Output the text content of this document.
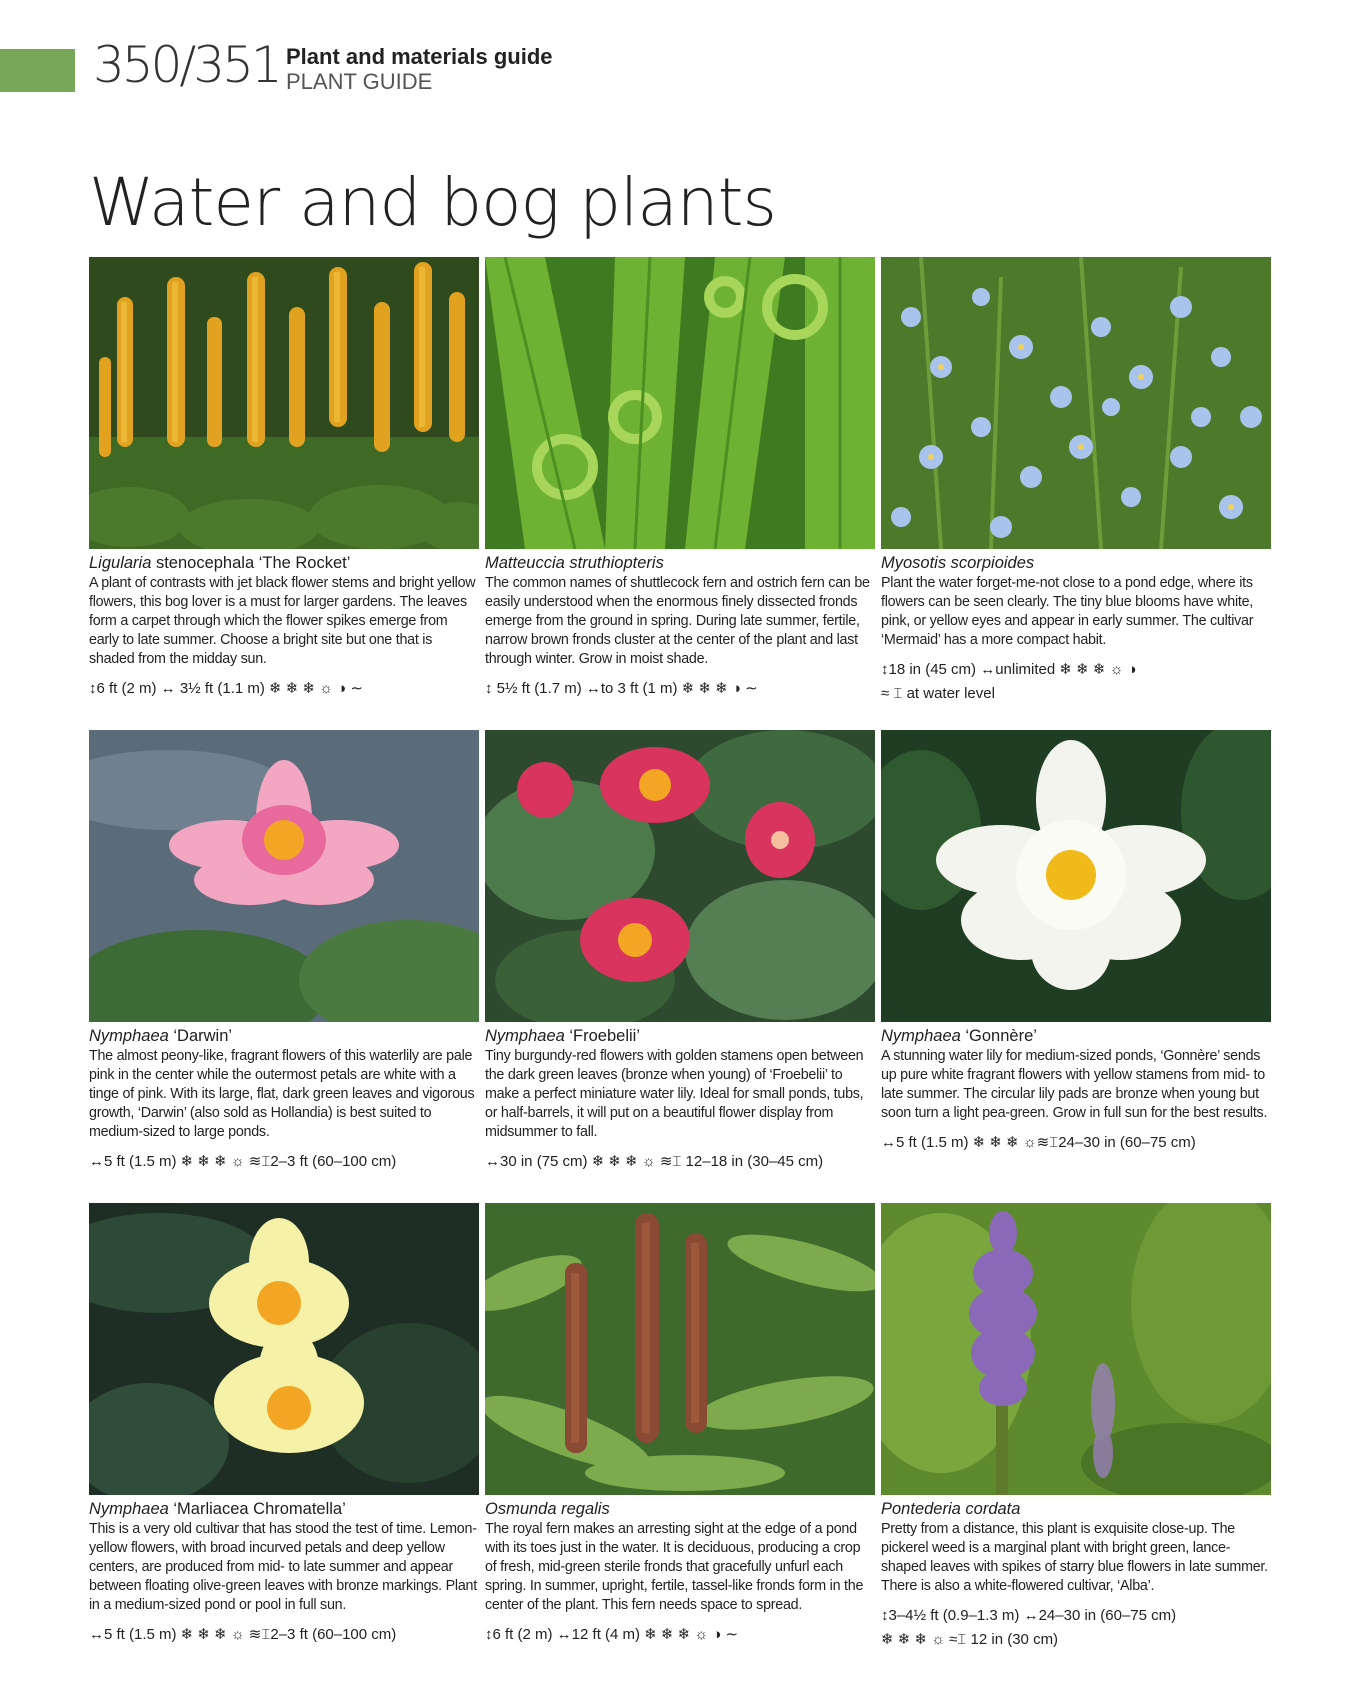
350/351 Plant and materials guide
PLANT GUIDE
Water and bog plants
Ligularia stenocephala ‘The Rocket’
A plant of contrasts with jet black flower stems and bright yellow flowers, this bog lover is a must for larger gardens. The leaves form a carpet through which the flower spikes emerge from early to late summer. Choose a bright site but one that is shaded from the midday sun.
↕6 ft (2 m) ↔ 3½ ft (1.1 m) ❄ ❄ ❄ ☼ ◑ ∼
Matteuccia struthiopteris
The common names of shuttlecock fern and ostrich fern can be easily understood when the enormous finely dissected fronds emerge from the ground in spring. During late summer, fertile, narrow brown fronds cluster at the center of the plant and last through winter. Grow in moist shade.
↕ 5½ ft (1.7 m) ↔to 3 ft (1 m) ❄ ❄ ❄ ◑ ∼
Myosotis scorpioides
Plant the water forget-me-not close to a pond edge, where its flowers can be seen clearly. The tiny blue blooms have white, pink, or yellow eyes and appear in early summer. The cultivar ‘Mermaid’ has a more compact habit.
↕18 in (45 cm) ↔unlimited ❄ ❄ ❄ ☼ ◑
≈ ⌶ at water level
Nymphaea ‘Darwin’
The almost peony-like, fragrant flowers of this waterlily are pale pink in the center while the outermost petals are white with a tinge of pink. With its large, flat, dark green leaves and vigorous growth, ‘Darwin’ (also sold as Hollandia) is best suited to medium-sized to large ponds.
↔5 ft (1.5 m) ❄ ❄ ❄ ☼ ≋⌶2–3 ft (60–100 cm)
Nymphaea ‘Froebelii’
Tiny burgundy-red flowers with golden stamens open between the dark green leaves (bronze when young) of ‘Froebelii’ to make a perfect miniature water lily. Ideal for small ponds, tubs, or half-barrels, it will put on a beautiful flower display from midsummer to fall.
↔30 in (75 cm) ❄ ❄ ❄ ☼ ≋⌶ 12–18 in (30–45 cm)
Nymphaea ‘Gonnère’
A stunning water lily for medium-sized ponds, ‘Gonnère’ sends up pure white fragrant flowers with yellow stamens from mid- to late summer. The circular lily pads are bronze when young but soon turn a light pea-green. Grow in full sun for the best results.
↔5 ft (1.5 m) ❄ ❄ ❄ ☼≋⌶24–30 in (60–75 cm)
Nymphaea ‘Marliacea Chromatella’
This is a very old cultivar that has stood the test of time. Lemon-yellow flowers, with broad incurved petals and deep yellow centers, are produced from mid- to late summer and appear between floating olive-green leaves with bronze markings. Plant in a medium-sized pond or pool in full sun.
↔5 ft (1.5 m) ❄ ❄ ❄ ☼ ≋⌶2–3 ft (60–100 cm)
Osmunda regalis
The royal fern makes an arresting sight at the edge of a pond with its toes just in the water. It is deciduous, producing a crop of fresh, mid-green sterile fronds that gracefully unfurl each spring. In summer, upright, fertile, tassel-like fronds form in the center of the plant. This fern needs space to spread.
↕6 ft (2 m) ↔12 ft (4 m) ❄ ❄ ❄ ☼ ◑ ∼
Pontederia cordata
Pretty from a distance, this plant is exquisite close-up. The pickerel weed is a marginal plant with bright green, lance-shaped leaves with spikes of starry blue flowers in late summer. There is also a white-flowered cultivar, ‘Alba’.
↕3–4½ ft (0.9–1.3 m) ↔24–30 in (60–75 cm)
❄ ❄ ❄ ☼ ≈⌶ 12 in (30 cm)
